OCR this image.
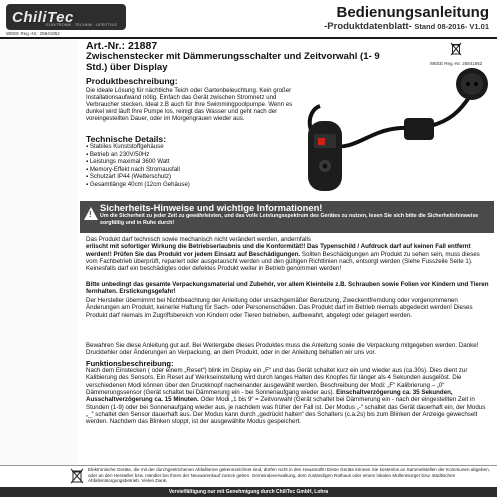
ChiliTec
ELEKTRONIK · TECHNIK · LIFESTYLE
WEEE Reg.-Nr.: 25841852
Bedienungsanleitung
-Produktdatenblatt- Stand 08-2016- V1.01
Art.-Nr.: 21887
Zwischenstecker mit Dämmerungsschalter und Zeitvorwahl (1- 9 Std.) über Display	WEEE Reg.-Nr. 25841852
Produktbeschreibung:
Die ideale Lösung für nächtliche Teich oder Gartenbeleuchtung. Kein großer Installationsaufwand nötig. Einfach das Gerät zwischen Stromnetz und Verbraucher stecken. Ideal z.B auch für Ihre Swimmingpoolpumpe. Wenn es dunkel wird läuft Ihre Pumpe los, reinigt das Wasser und geht nach der voreingestellten Dauer, oder im Morgengrauen wieder aus.
Technische Details:
▪ Stabiles Kunststoffgehäuse
▪ Betrieb an 230V/50Hz
▪ Leistungs maximal 3600 Watt
▪ Memory-Effekt nach Stromausfall
▪ Schutzart IP44 (Wetterschutz)
▪ Gesamtlänge 40cm (12cm Gehäuse)
!
Sicherheits-Hinweise und wichtige Informationen!
Um die Sicherheit zu jeder Zeit zu gewährleisten, und das volle Leistungsspektrum des Gerätes zu nutzen, lesen Sie sich bitte die Sicherheitshinweise sorgfältig und in Ruhe durch!
Das Produkt darf technisch sowie mechanisch nicht verändert werden, andernfalls
erlischt mit sofortiger Wirkung die Betriebserlaubnis und die Konformität!! Das Typenschild / Aufdruck darf auf keinen Fall entfernt werden!! Prüfen Sie das Produkt vor jedem Einsatz auf Beschädigungen. Sollten Beschädigungen am Produkt zu sehen sein, muss dieses vom Fachbetrieb überprüft, repariert oder ausgetauscht werden und den gültigen Richtlinien nach, entsorgt werden (Siehe Fusszeile Seite 1). Keinesfalls darf ein beschädigtes oder defektes Produkt weiter in Betrieb genommen werden!
Bitte unbedingt das gesamte Verpackungsmaterial und Zubehör, vor allem Kleinteile z.B. Schrauben sowie Folien vor Kindern und Tieren fernhalten. Erstickungsgefahr!
Der Hersteller übernimmt bei Nichtbeachtung der Anleitung oder unsachgemäßer Benutzung, Zweckentfremdung oder vorgenommenen Änderungen am Produkt, keinerlei Haftung für Sach- oder Personenschäden. Das Produkt darf im Betrieb niemals abgedeckt werden! Dieses Produkt darf niemals im Zugriffsbereich von Kindern oder Tieren betrieben, aufbewahrt, abgelegt oder gelagert werden.
Bewahren Sie diese Anleitung gut auf. Bei Weitergabe dieses Produktes muss die Anleitung sowie die Verpackung mitgegeben werden. Danke! Drucktehler oder Änderungen an Verpackung, an dem Produkt, oder in der Anleitung behalten wir uns vor.
Funktionsbeschreibung:
Nach dem Einstecken ( oder einem „Reset“) blink im Display ein „F“ und das Gerät schaltet kurz ein und wieder aus (ca.30s). Dies dient zur Kalibierung des Sensors. Ein Reset auf Werkseinstellung wird durch langes Halten des Knopfes für länger als 4 Sekunden ausgelöst. Die verschiedenen Modi können über den Druckknopf nacheinander ausgewählt werden. Beschreibung der Modi: „F“ Kalibrierung – „0“ Dämmerungssensor (Gerät schaltet bei Dämmerung ein - bei Sonnenaufgang wieder aus). Einschaltverzögerung ca. 35 Sekunden, Ausschaltverzögerung ca. 15 Minuten. Oder Modi „1 bis 9“ = Zeitvorwahl (Gerät schaltet bei Dämmerung ein - nach der eingestellten Zeit in Stunden (1-9) oder bei Sonnenaufgang wieder aus, je nachdem was früher der Fall ist. Der Modus „-“ schaltet das Gerät dauerhaft ein, der Modus „_“ schaltet den Sensor dauerhaft aus. Der Modus kann durch „gedrückt halten“ des Schalters (c.a.2s) bis zum Blinken der Anzeige gewechselt werden. Nachdem das Blinken stoppt, ist der ausgewählte Modus gespeichert.
Elektronische Geräte, die mit der durchgestrichenen Abfalltonne gekennzeichnet sind, dürfen nicht in den Hausmüll!!! Diese Geräte können Sie kostenlos an Sammelstellen der Kommunen abgeben, oder an den Hersteller bzw. Händler bei Ihnen der Neuwarenkauf zurück geben. Gemeindeverwaltung, dem zuständigen Rathaus oder einem lokalen Müllentsorger bzw. städtischen Abfallentsorgungsbetrieb. Vielen Dank.
Vervielfältigung nur mit Genehmigung durch ChiliTec GmbH, Lohra
